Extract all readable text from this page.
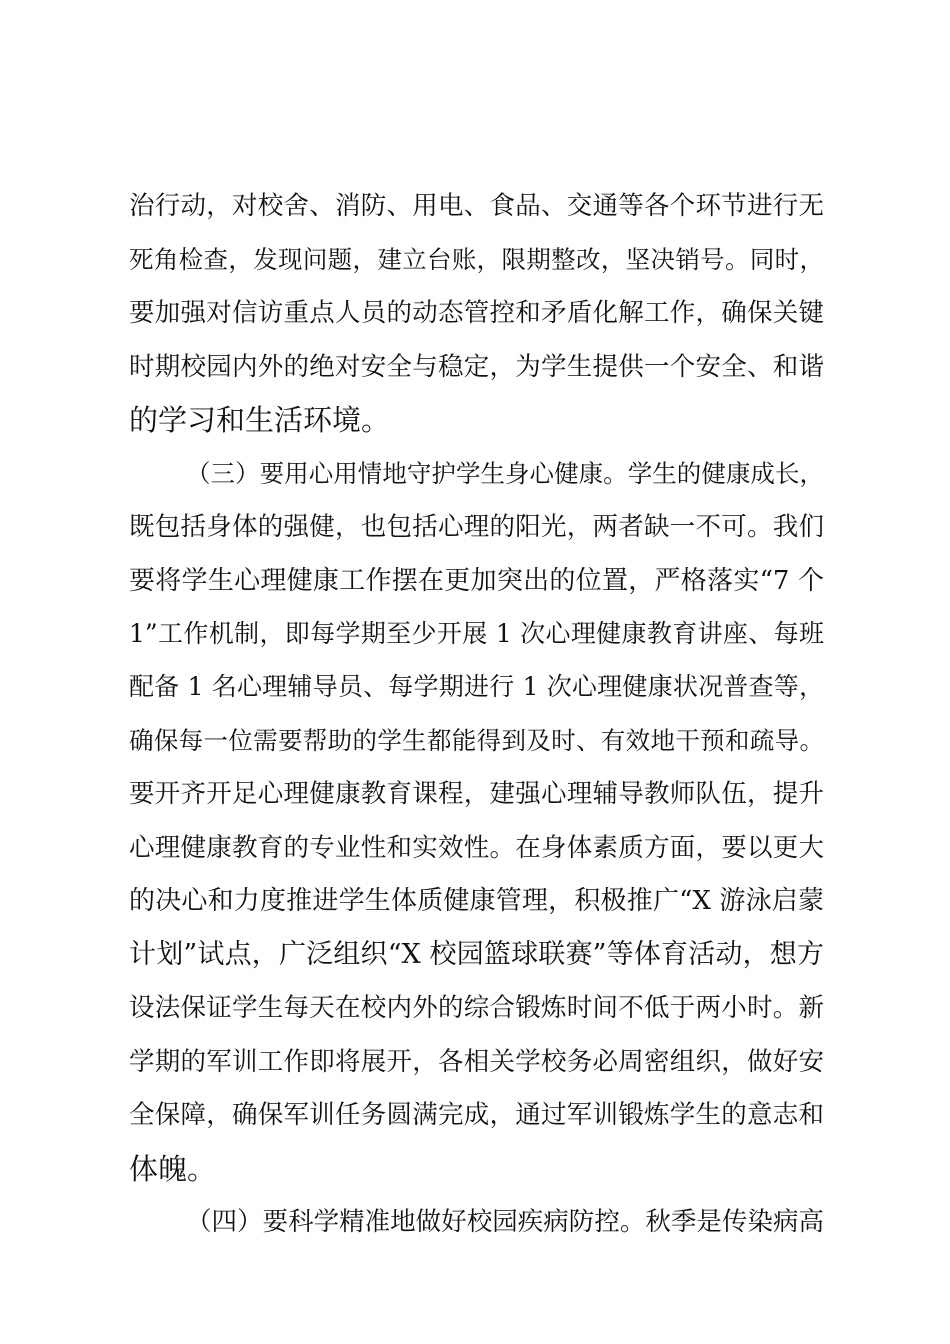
治行动，对校舍、消防、用电、食品、交通等各个环节进行无
死角检查，发现问题，建立台账，限期整改，坚决销号。同时，
要加强对信访重点人员的动态管控和矛盾化解工作，确保关键
时期校园内外的绝对安全与稳定，为学生提供一个安全、和谐
的学习和生活环境。
（三）要用心用情地守护学生身心健康。学生的健康成长，
既包括身体的强健，也包括心理的阳光，两者缺一不可。我们
要将学生心理健康工作摆在更加突出的位置，严格落实“7 个
1”工作机制，即每学期至少开展 1 次心理健康教育讲座、每班
配备 1 名心理辅导员、每学期进行 1 次心理健康状况普查等，
确保每一位需要帮助的学生都能得到及时、有效地干预和疏导。
要开齐开足心理健康教育课程，建强心理辅导教师队伍，提升
心理健康教育的专业性和实效性。在身体素质方面，要以更大
的决心和力度推进学生体质健康管理，积极推广“X 游泳启蒙
计划”试点，广泛组织“X 校园篮球联赛”等体育活动，想方
设法保证学生每天在校内外的综合锻炼时间不低于两小时。新
学期的军训工作即将展开，各相关学校务必周密组织，做好安
全保障，确保军训任务圆满完成，通过军训锻炼学生的意志和
体魄。
（四）要科学精准地做好校园疾病防控。秋季是传染病高
